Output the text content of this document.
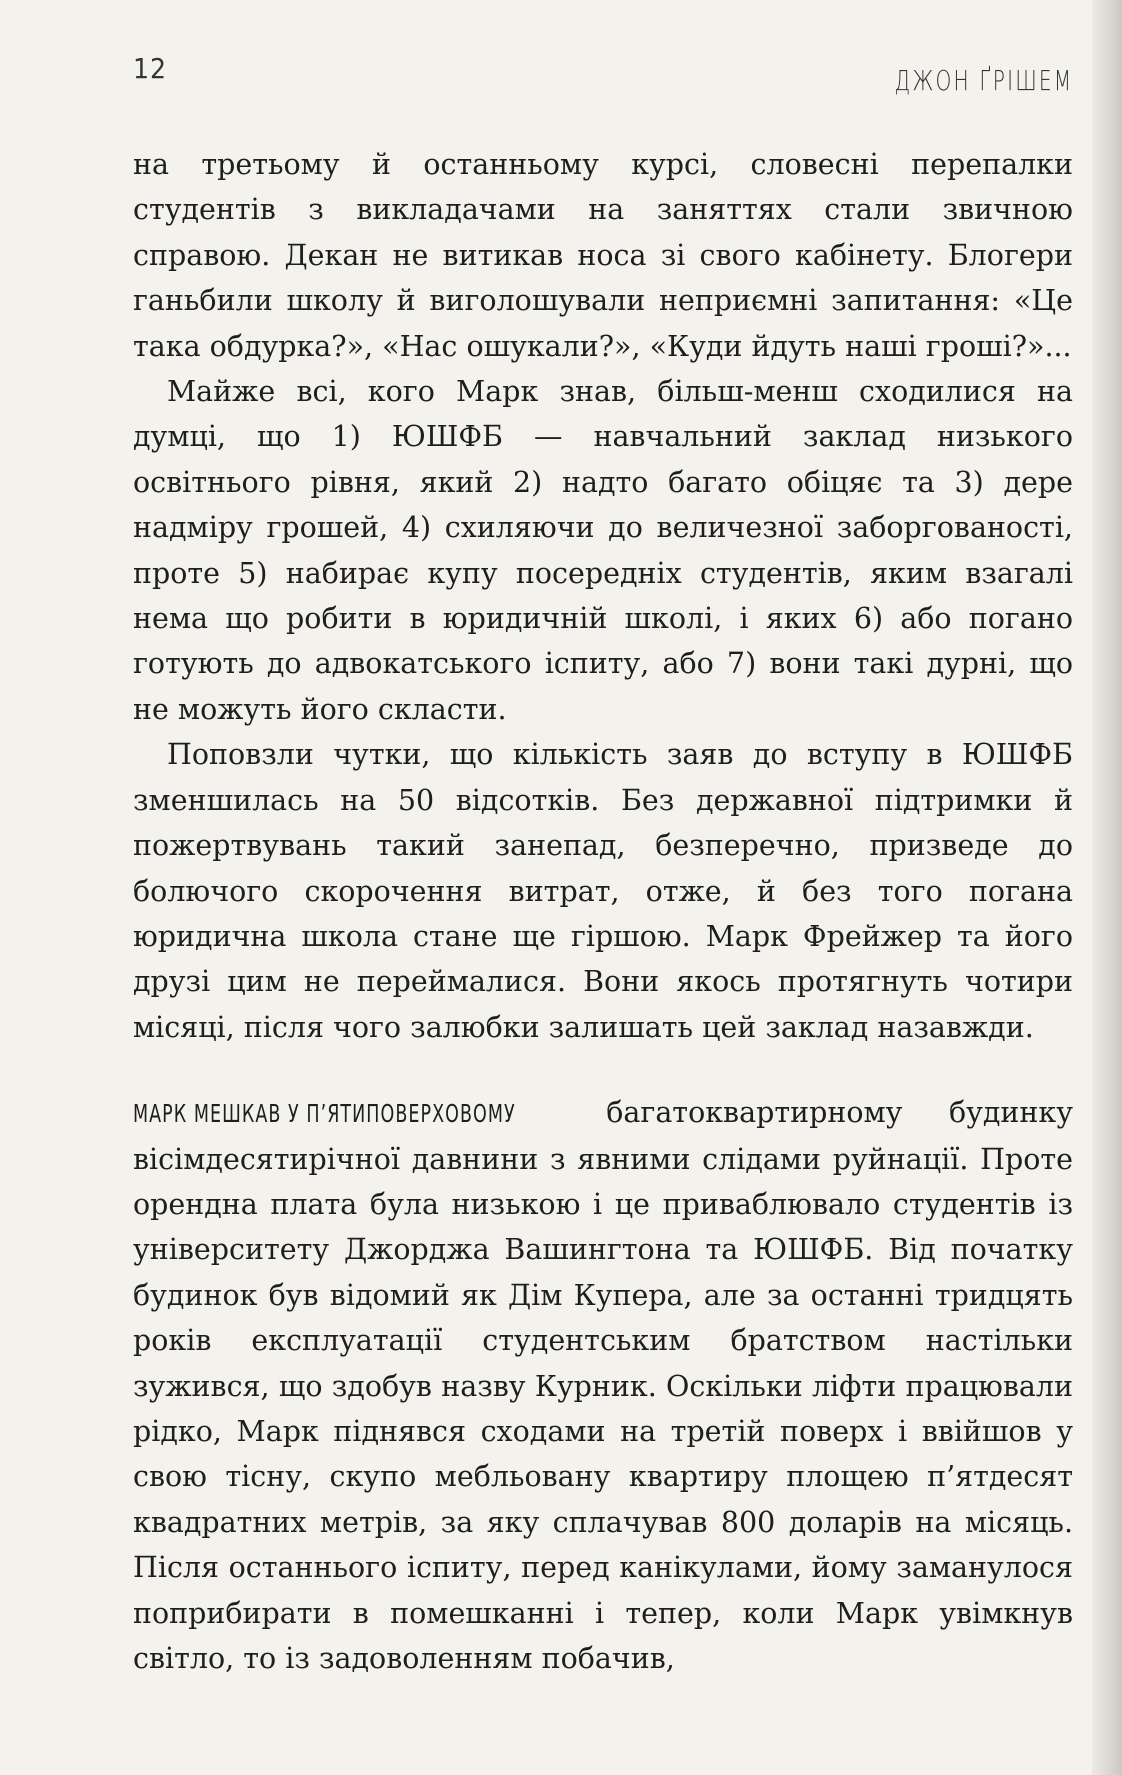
12	ДЖОН ҐРІШЕМ

на третьому й останньому курсі, словесні перепалки студентів з викладачами на заняттях стали звичною справою. Декан не витикав носа зі свого кабінету. Блогери ганьбили школу й виголошували неприємні запитання: «Це така обдурка?», «Нас ошукали?», «Куди йдуть наші гроші?»...

Майже всі, кого Марк знав, більш-менш сходилися на думці, що 1) ЮШФБ — навчальний заклад низького освітнього рівня, який 2) надто багато обіцяє та 3) дере надміру грошей, 4) схиляючи до величезної заборгованості, проте 5) набирає купу посередніх студентів, яким взагалі нема що робити в юридичній школі, і яких 6) або погано готують до адвокатського іспиту, або 7) вони такі дурні, що не можуть його скласти.

Поповзли чутки, що кількість заяв до вступу в ЮШФБ зменшилась на 50 відсотків. Без державної підтримки й пожертвувань такий занепад, безперечно, призведе до болючого скорочення витрат, отже, й без того погана юридична школа стане ще гіршою. Марк Фрейжер та його друзі цим не переймалися. Вони якось протягнуть чотири місяці, після чого залюбки залишать цей заклад назавжди.

МАРК МЕШКАВ У П’ЯТИПОВЕРХОВОМУ	багатоквартирному будинку вісімдесятирічної давнини з явними слідами руйнації. Проте орендна плата була низькою і це приваблювало студентів із університету Джорджа Вашингтона та ЮШФБ. Від початку будинок був відомий як Дім Купера, але за останні тридцять років експлуатації студентським братством настільки зужився, що здобув назву Курник. Оскільки ліфти працювали рідко, Марк піднявся сходами на третій поверх і ввійшов у свою тісну, скупо мебльовану квартиру площею п’ятдесят квадратних метрів, за яку сплачував 800 доларів на місяць. Після останнього іспиту, перед канікулами, йому заманулося поприбирати в помешканні і тепер, коли Марк увімкнув світло, то із задоволенням побачив,
